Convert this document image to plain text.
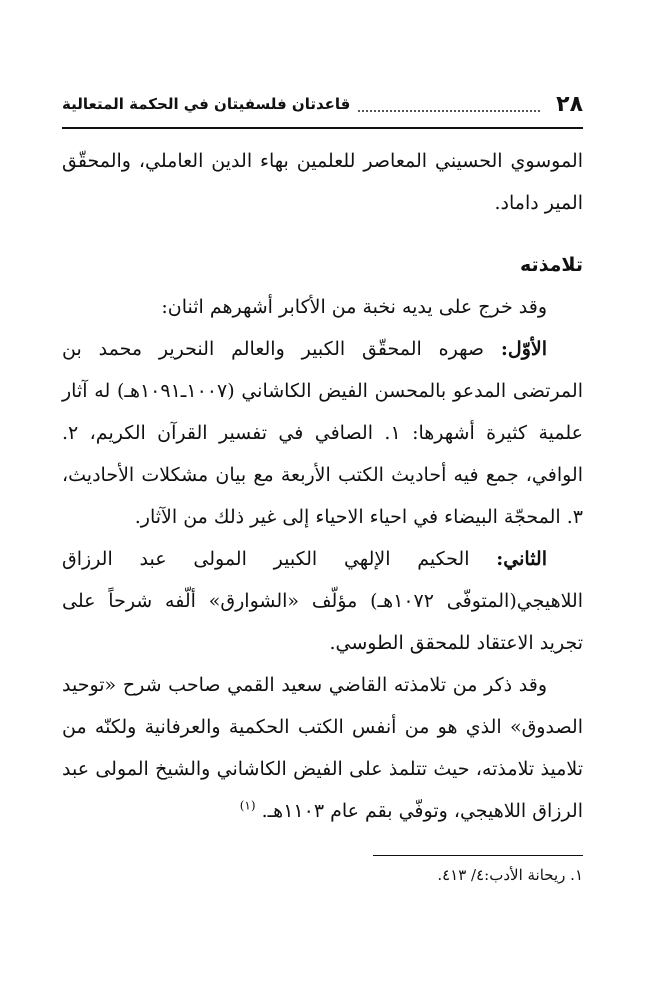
٢٨
قاعدتان فلسفيتان في الحكمة المتعالية

الموسوي الحسيني المعاصر للعلمين بهاء الدين العاملي، والمحقّق المير داماد.

تلامذته

وقد خرج على يديه نخبة من الأكابر أشهرهم اثنان:

الأوّل: صهره المحقّق الكبير والعالم النحرير محمد بن المرتضى المدعو بالمحسن الفيض الكاشاني (١٠٠٧ـ١٠٩١هـ) له آثار علمية كثيرة أشهرها: ١. الصافي في تفسير القرآن الكريم، ٢. الوافي، جمع فيه أحاديث الكتب الأربعة مع بيان مشكلات الأحاديث، ٣. المحجّة البيضاء في احياء الاحياء إلى غير ذلك من الآثار.

الثاني: الحكيم الإلهي الكبير المولى عبد الرزاق اللاهيجي(المتوفّى ١٠٧٢هـ) مؤلّف «الشوارق» ألّفه شرحاً على تجريد الاعتقاد للمحقق الطوسي.

وقد ذكر من تلامذته القاضي سعيد القمي صاحب شرح «توحيد الصدوق» الذي هو من أنفس الكتب الحكمية والعرفانية ولكنّه من تلاميذ تلامذته، حيث تتلمذ على الفيض الكاشاني والشيخ المولى عبد الرزاق اللاهيجي، وتوفّي بقم عام ١١٠٣هـ. $^{(١)}$

١. ريحانة الأدب:٤/ ٤١٣.
